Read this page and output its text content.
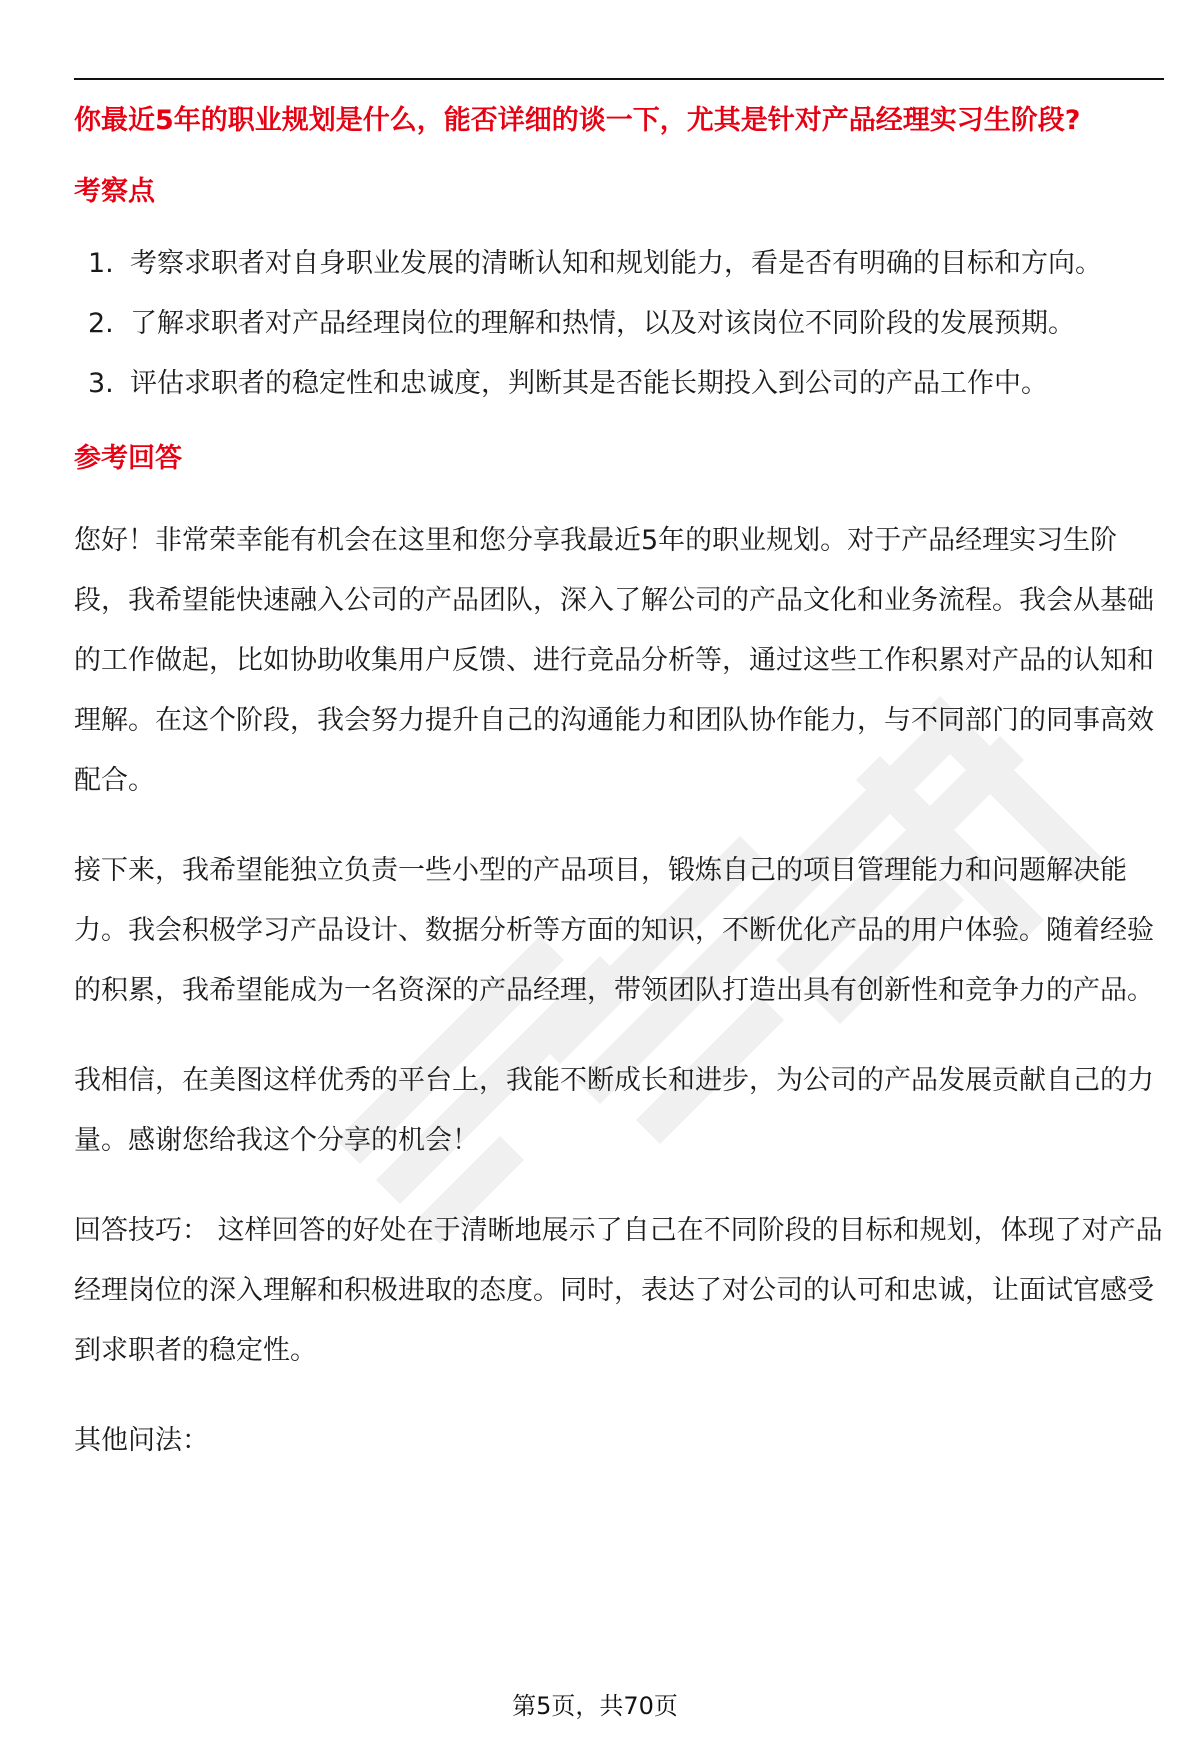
你最近5年的职业规划是什么，能否详细的谈一下，尤其是针对产品经理实习生阶段?
考察点
1. 考察求职者对自身职业发展的清晰认知和规划能力，看是否有明确的目标和方向。
2. 了解求职者对产品经理岗位的理解和热情，以及对该岗位不同阶段的发展预期。
3. 评估求职者的稳定性和忠诚度，判断其是否能长期投入到公司的产品工作中。
参考回答

您好！非常荣幸能有机会在这里和您分享我最近5年的职业规划。对于产品经理实习生阶段，我希望能快速融入公司的产品团队，深入了解公司的产品文化和业务流程。我会从基础的工作做起，比如协助收集用户反馈、进行竞品分析等，通过这些工作积累对产品的认知和理解。在这个阶段，我会努力提升自己的沟通能力和团队协作能力，与不同部门的同事高效配合。

接下来，我希望能独立负责一些小型的产品项目，锻炼自己的项目管理能力和问题解决能力。我会积极学习产品设计、数据分析等方面的知识，不断优化产品的用户体验。随着经验的积累，我希望能成为一名资深的产品经理，带领团队打造出具有创新性和竞争力的产品。

我相信，在美图这样优秀的平台上，我能不断成长和进步，为公司的产品发展贡献自己的力量。感谢您给我这个分享的机会！

回答技巧： 这样回答的好处在于清晰地展示了自己在不同阶段的目标和规划，体现了对产品经理岗位的深入理解和积极进取的态度。同时，表达了对公司的认可和忠诚，让面试官感受到求职者的稳定性。

其他问法：

第5页，共70页
